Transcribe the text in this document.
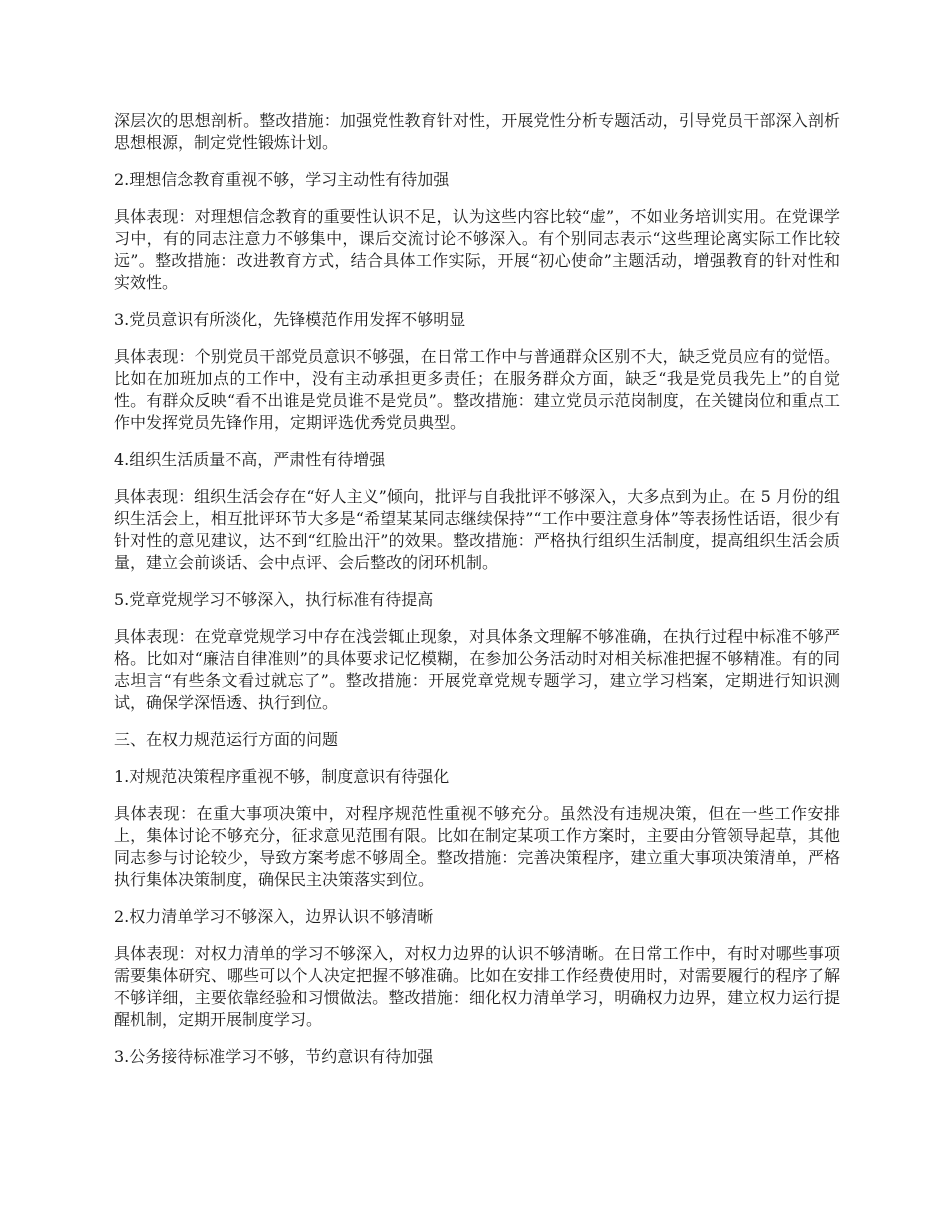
深层次的思想剖析。整改措施：加强党性教育针对性，开展党性分析专题活动，引导党员干部深入剖析思想根源，制定党性锻炼计划。

2.理想信念教育重视不够，学习主动性有待加强

具体表现：对理想信念教育的重要性认识不足，认为这些内容比较“虚”，不如业务培训实用。在党课学习中，有的同志注意力不够集中，课后交流讨论不够深入。有个别同志表示“这些理论离实际工作比较远”。整改措施：改进教育方式，结合具体工作实际，开展“初心使命”主题活动，增强教育的针对性和实效性。

3.党员意识有所淡化，先锋模范作用发挥不够明显

具体表现：个别党员干部党员意识不够强，在日常工作中与普通群众区别不大，缺乏党员应有的觉悟。比如在加班加点的工作中，没有主动承担更多责任；在服务群众方面，缺乏“我是党员我先上”的自觉性。有群众反映“看不出谁是党员谁不是党员”。整改措施：建立党员示范岗制度，在关键岗位和重点工作中发挥党员先锋作用，定期评选优秀党员典型。

4.组织生活质量不高，严肃性有待增强

具体表现：组织生活会存在“好人主义”倾向，批评与自我批评不够深入，大多点到为止。在 5 月份的组织生活会上，相互批评环节大多是“希望某某同志继续保持”“工作中要注意身体”等表扬性话语，很少有针对性的意见建议，达不到“红脸出汗”的效果。整改措施：严格执行组织生活制度，提高组织生活会质量，建立会前谈话、会中点评、会后整改的闭环机制。

5.党章党规学习不够深入，执行标准有待提高

具体表现：在党章党规学习中存在浅尝辄止现象，对具体条文理解不够准确，在执行过程中标准不够严格。比如对“廉洁自律准则”的具体要求记忆模糊，在参加公务活动时对相关标准把握不够精准。有的同志坦言“有些条文看过就忘了”。整改措施：开展党章党规专题学习，建立学习档案，定期进行知识测试，确保学深悟透、执行到位。

三、在权力规范运行方面的问题

1.对规范决策程序重视不够，制度意识有待强化

具体表现：在重大事项决策中，对程序规范性重视不够充分。虽然没有违规决策，但在一些工作安排上，集体讨论不够充分，征求意见范围有限。比如在制定某项工作方案时，主要由分管领导起草，其他同志参与讨论较少，导致方案考虑不够周全。整改措施：完善决策程序，建立重大事项决策清单，严格执行集体决策制度，确保民主决策落实到位。

2.权力清单学习不够深入，边界认识不够清晰

具体表现：对权力清单的学习不够深入，对权力边界的认识不够清晰。在日常工作中，有时对哪些事项需要集体研究、哪些可以个人决定把握不够准确。比如在安排工作经费使用时，对需要履行的程序了解不够详细，主要依靠经验和习惯做法。整改措施：细化权力清单学习，明确权力边界，建立权力运行提醒机制，定期开展制度学习。

3.公务接待标准学习不够，节约意识有待加强
